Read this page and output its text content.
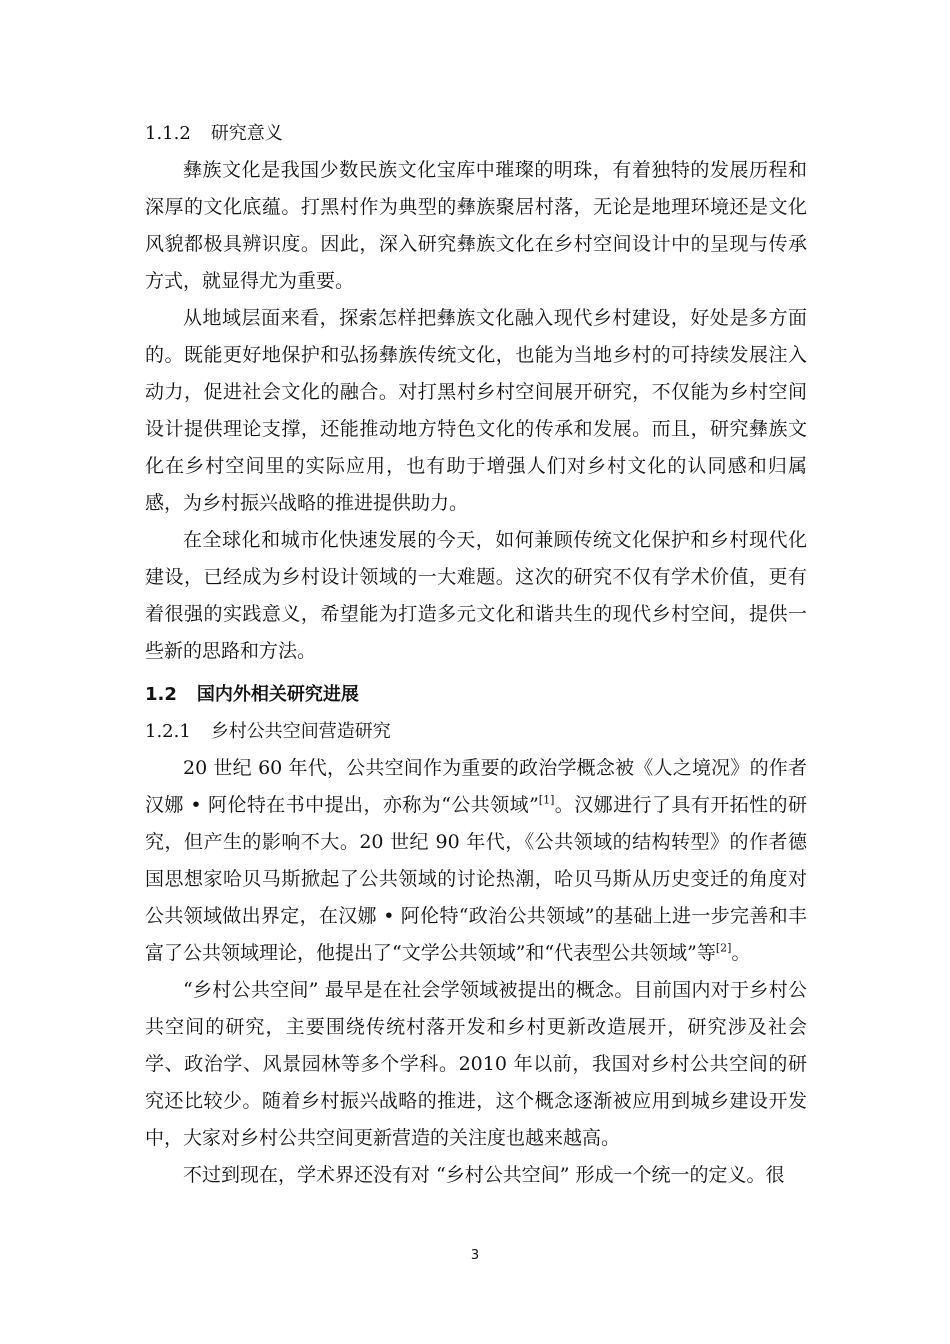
1.1.2 研究意义

彝族文化是我国少数民族文化宝库中璀璨的明珠，有着独特的发展历程和深厚的文化底蕴。打黑村作为典型的彝族聚居村落，无论是地理环境还是文化风貌都极具辨识度。因此，深入研究彝族文化在乡村空间设计中的呈现与传承方式，就显得尤为重要。

从地域层面来看，探索怎样把彝族文化融入现代乡村建设，好处是多方面的。既能更好地保护和弘扬彝族传统文化，也能为当地乡村的可持续发展注入动力，促进社会文化的融合。对打黑村乡村空间展开研究，不仅能为乡村空间设计提供理论支撑，还能推动地方特色文化的传承和发展。而且，研究彝族文化在乡村空间里的实际应用，也有助于增强人们对乡村文化的认同感和归属感，为乡村振兴战略的推进提供助力。

在全球化和城市化快速发展的今天，如何兼顾传统文化保护和乡村现代化建设，已经成为乡村设计领域的一大难题。这次的研究不仅有学术价值，更有着很强的实践意义，希望能为打造多元文化和谐共生的现代乡村空间，提供一些新的思路和方法。

1.2 国内外相关研究进展
1.2.1 乡村公共空间营造研究

20 世纪 60 年代，公共空间作为重要的政治学概念被《人之境况》的作者汉娜 • 阿伦特在书中提出，亦称为“公共领域”[1]。汉娜进行了具有开拓性的研究，但产生的影响不大。20 世纪 90 年代，《公共领域的结构转型》的作者德国思想家哈贝马斯掀起了公共领域的讨论热潮，哈贝马斯从历史变迁的角度对公共领域做出界定，在汉娜 • 阿伦特“政治公共领域”的基础上进一步完善和丰富了公共领域理论，他提出了“文学公共领域”和“代表型公共领域”等[2]。

“乡村公共空间” 最早是在社会学领域被提出的概念。目前国内对于乡村公共空间的研究，主要围绕传统村落开发和乡村更新改造展开，研究涉及社会学、政治学、风景园林等多个学科。2010 年以前，我国对乡村公共空间的研究还比较少。随着乡村振兴战略的推进，这个概念逐渐被应用到城乡建设开发中，大家对乡村公共空间更新营造的关注度也越来越高。

不过到现在，学术界还没有对 “乡村公共空间” 形成一个统一的定义。很

3
